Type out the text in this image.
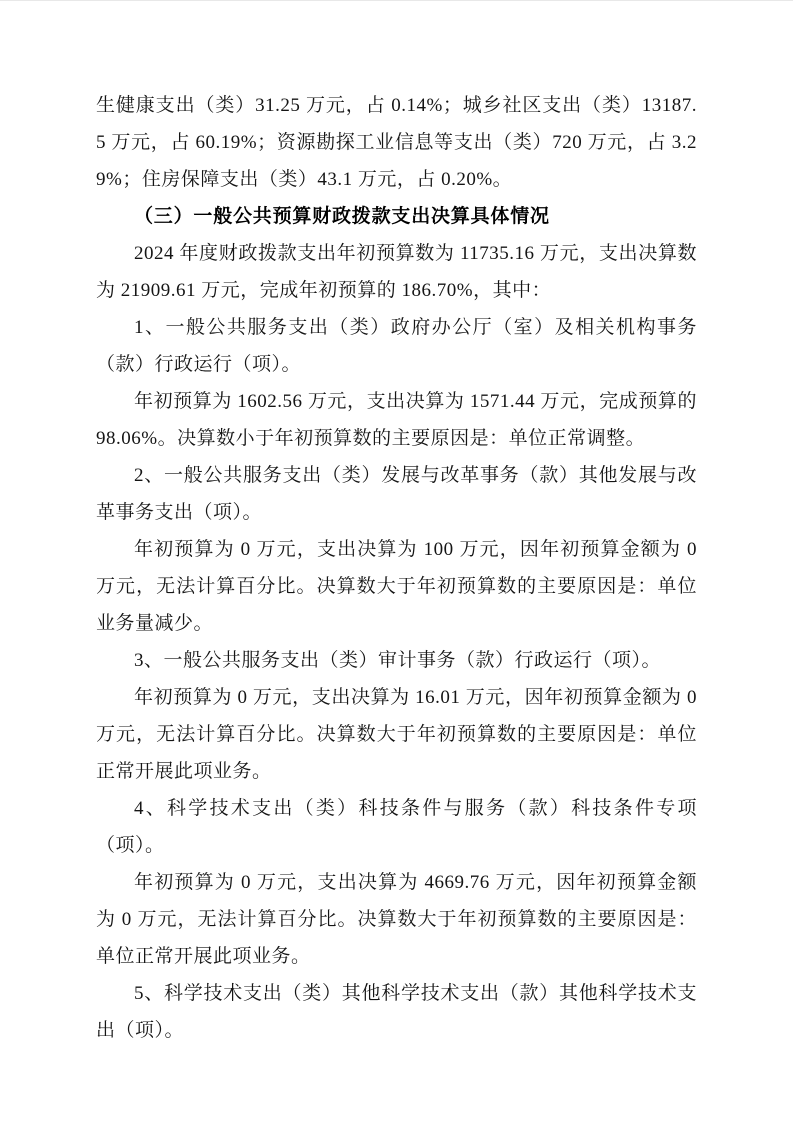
生健康支出（类）31.25 万元，占 0.14%；城乡社区支出（类）13187.5 万元，占 60.19%；资源勘探工业信息等支出（类）720 万元，占 3.29%；住房保障支出（类）43.1 万元，占 0.20%。

（三）一般公共预算财政拨款支出决算具体情况

2024 年度财政拨款支出年初预算数为 11735.16 万元，支出决算数为 21909.61 万元，完成年初预算的 186.70%，其中：

1、一般公共服务支出（类）政府办公厅（室）及相关机构事务（款）行政运行（项）。

年初预算为 1602.56 万元，支出决算为 1571.44 万元，完成预算的 98.06%。决算数小于年初预算数的主要原因是：单位正常调整。

2、一般公共服务支出（类）发展与改革事务（款）其他发展与改革事务支出（项）。

年初预算为 0 万元，支出决算为 100 万元，因年初预算金额为 0 万元，无法计算百分比。决算数大于年初预算数的主要原因是：单位业务量减少。

3、一般公共服务支出（类）审计事务（款）行政运行（项）。

年初预算为 0 万元，支出决算为 16.01 万元，因年初预算金额为 0 万元，无法计算百分比。决算数大于年初预算数的主要原因是：单位正常开展此项业务。

4、科学技术支出（类）科技条件与服务（款）科技条件专项（项）。

年初预算为 0 万元，支出决算为 4669.76 万元，因年初预算金额为 0 万元，无法计算百分比。决算数大于年初预算数的主要原因是：单位正常开展此项业务。

5、科学技术支出（类）其他科学技术支出（款）其他科学技术支出（项）。
